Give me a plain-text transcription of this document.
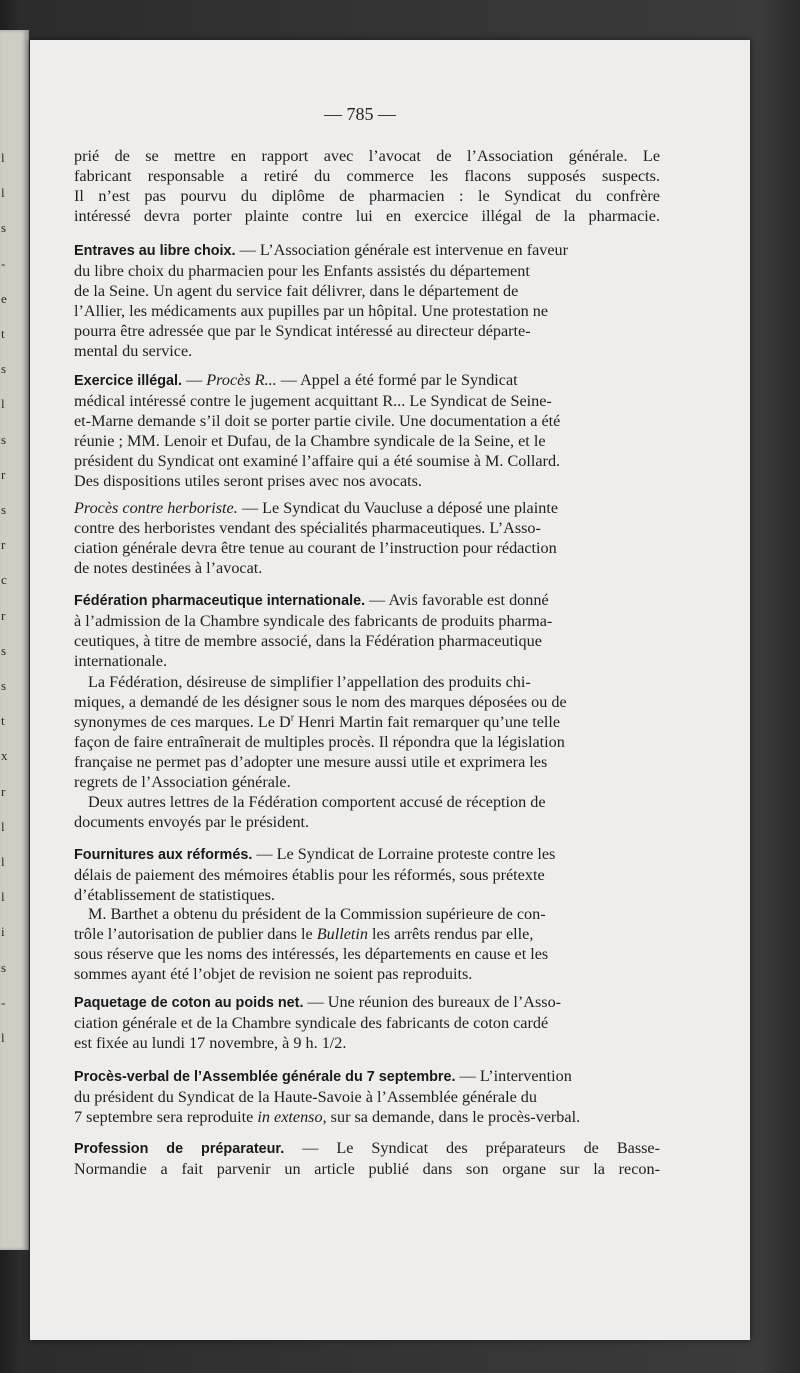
l
l
s
-
e
t
s
l
s
r
s
r
c
r
s
s
t
x
r
l
l
l
i
s
-
l
— 785 —
prié de se mettre en rapport avec l’avocat de l’Association générale. Le
fabricant responsable a retiré du commerce les flacons supposés suspects.
Il n’est pas pourvu du diplôme de pharmacien : le Syndicat du confrère
intéressé devra porter plainte contre lui en exercice illégal de la pharmacie.
Entraves au libre choix. — L’Association générale est intervenue en faveur
du libre choix du pharmacien pour les Enfants assistés du département
de la Seine. Un agent du service fait délivrer, dans le département de
l’Allier, les médicaments aux pupilles par un hôpital. Une protestation ne
pourra être adressée que par le Syndicat intéressé au directeur départe-
mental du service.
Exercice illégal. — Procès R... — Appel a été formé par le Syndicat
médical intéressé contre le jugement acquittant R... Le Syndicat de Seine-
et-Marne demande s’il doit se porter partie civile. Une documentation a été
réunie ; MM. Lenoir et Dufau, de la Chambre syndicale de la Seine, et le
président du Syndicat ont examiné l’affaire qui a été soumise à M. Collard.
Des dispositions utiles seront prises avec nos avocats.
Procès contre herboriste. — Le Syndicat du Vaucluse a déposé une plainte
contre des herboristes vendant des spécialités pharmaceutiques. L’Asso-
ciation générale devra être tenue au courant de l’instruction pour rédaction
de notes destinées à l’avocat.
Fédération pharmaceutique internationale. — Avis favorable est donné
à l’admission de la Chambre syndicale des fabricants de produits pharma-
ceutiques, à titre de membre associé, dans la Fédération pharmaceutique
internationale.
La Fédération, désireuse de simplifier l’appellation des produits chi-
miques, a demandé de les désigner sous le nom des marques déposées ou de
synonymes de ces marques. Le $D^r$ Henri Martin fait remarquer qu’une telle
façon de faire entraînerait de multiples procès. Il répondra que la législation
française ne permet pas d’adopter une mesure aussi utile et exprimera les
regrets de l’Association générale.
Deux autres lettres de la Fédération comportent accusé de réception de
documents envoyés par le président.
Fournitures aux réformés. — Le Syndicat de Lorraine proteste contre les
délais de paiement des mémoires établis pour les réformés, sous prétexte
d’établissement de statistiques.
M. Barthet a obtenu du président de la Commission supérieure de con-
trôle l’autorisation de publier dans le Bulletin les arrêts rendus par elle,
sous réserve que les noms des intéressés, les départements en cause et les
sommes ayant été l’objet de revision ne soient pas reproduits.
Paquetage de coton au poids net. — Une réunion des bureaux de l’Asso-
ciation générale et de la Chambre syndicale des fabricants de coton cardé
est fixée au lundi 17 novembre, à 9 h. 1/2.
Procès-verbal de l’Assemblée générale du 7 septembre. — L’intervention
du président du Syndicat de la Haute-Savoie à l’Assemblée générale du
7 septembre sera reproduite in extenso, sur sa demande, dans le procès-verbal.
Profession de préparateur. — Le Syndicat des préparateurs de Basse-
Normandie a fait parvenir un article publié dans son organe sur la recon-
